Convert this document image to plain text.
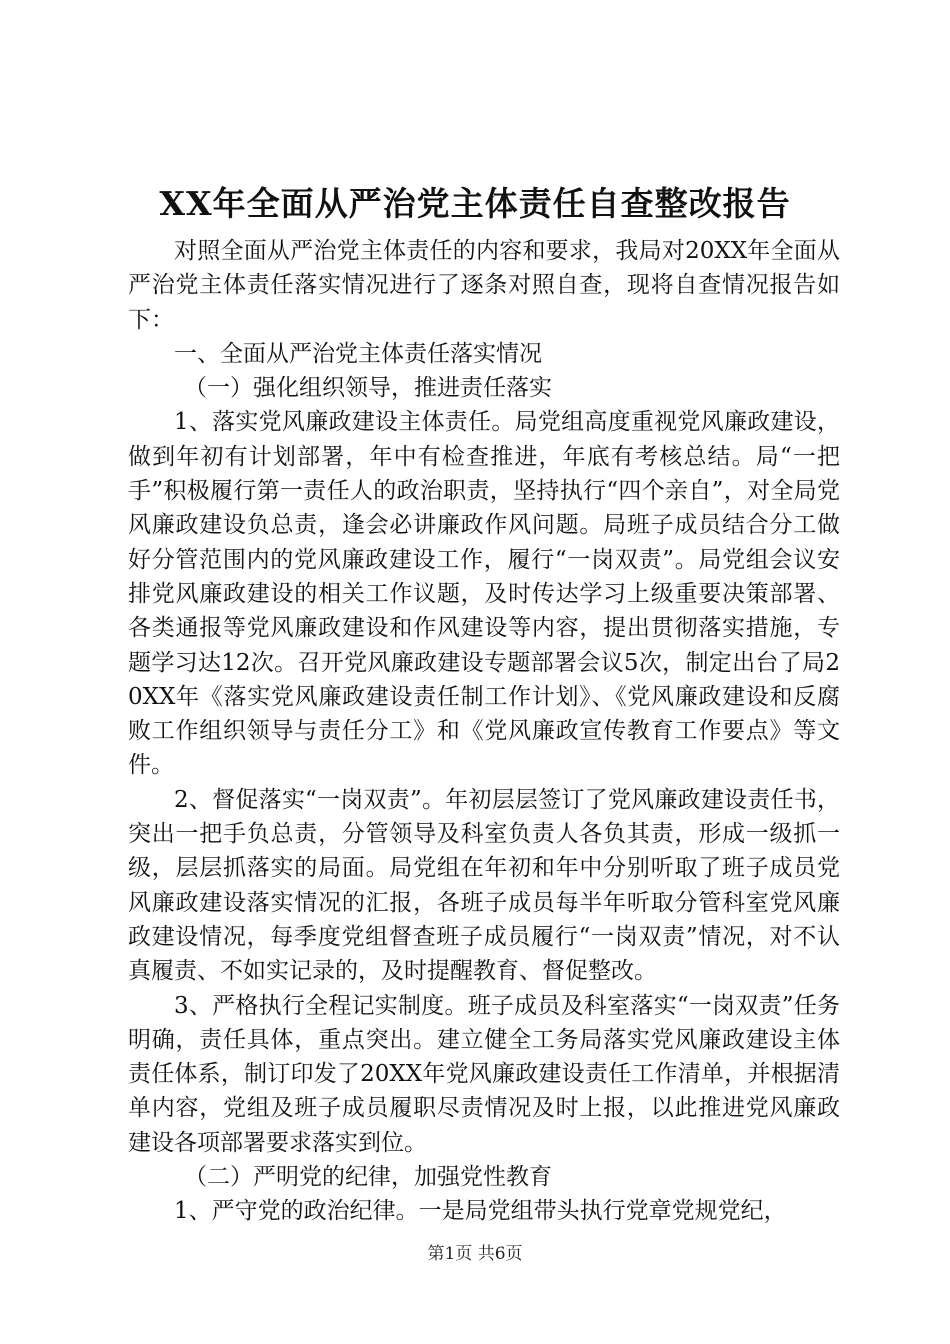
XX年全面从严治党主体责任自查整改报告

对照全面从严治党主体责任的内容和要求，我局对20XX年全面从严治党主体责任落实情况进行了逐条对照自查，现将自查情况报告如下：

一、全面从严治党主体责任落实情况

（一）强化组织领导，推进责任落实

1、落实党风廉政建设主体责任。局党组高度重视党风廉政建设，做到年初有计划部署，年中有检查推进，年底有考核总结。局“一把手”积极履行第一责任人的政治职责，坚持执行“四个亲自”，对全局党风廉政建设负总责，逢会必讲廉政作风问题。局班子成员结合分工做好分管范围内的党风廉政建设工作，履行“一岗双责”。局党组会议安排党风廉政建设的相关工作议题，及时传达学习上级重要决策部署、各类通报等党风廉政建设和作风建设等内容，提出贯彻落实措施，专题学习达12次。召开党风廉政建设专题部署会议5次，制定出台了局20XX年《落实党风廉政建设责任制工作计划》、《党风廉政建设和反腐败工作组织领导与责任分工》和《党风廉政宣传教育工作要点》等文件。

2、督促落实“一岗双责”。年初层层签订了党风廉政建设责任书，突出一把手负总责，分管领导及科室负责人各负其责，形成一级抓一级，层层抓落实的局面。局党组在年初和年中分别听取了班子成员党风廉政建设落实情况的汇报，各班子成员每半年听取分管科室党风廉政建设情况，每季度党组督查班子成员履行“一岗双责”情况，对不认真履责、不如实记录的，及时提醒教育、督促整改。

3、严格执行全程记实制度。班子成员及科室落实“一岗双责”任务明确，责任具体，重点突出。建立健全工务局落实党风廉政建设主体责任体系，制订印发了20XX年党风廉政建设责任工作清单，并根据清单内容，党组及班子成员履职尽责情况及时上报，以此推进党风廉政建设各项部署要求落实到位。

（二）严明党的纪律，加强党性教育

1、严守党的政治纪律。一是局党组带头执行党章党规党纪，

第1页 共6页
